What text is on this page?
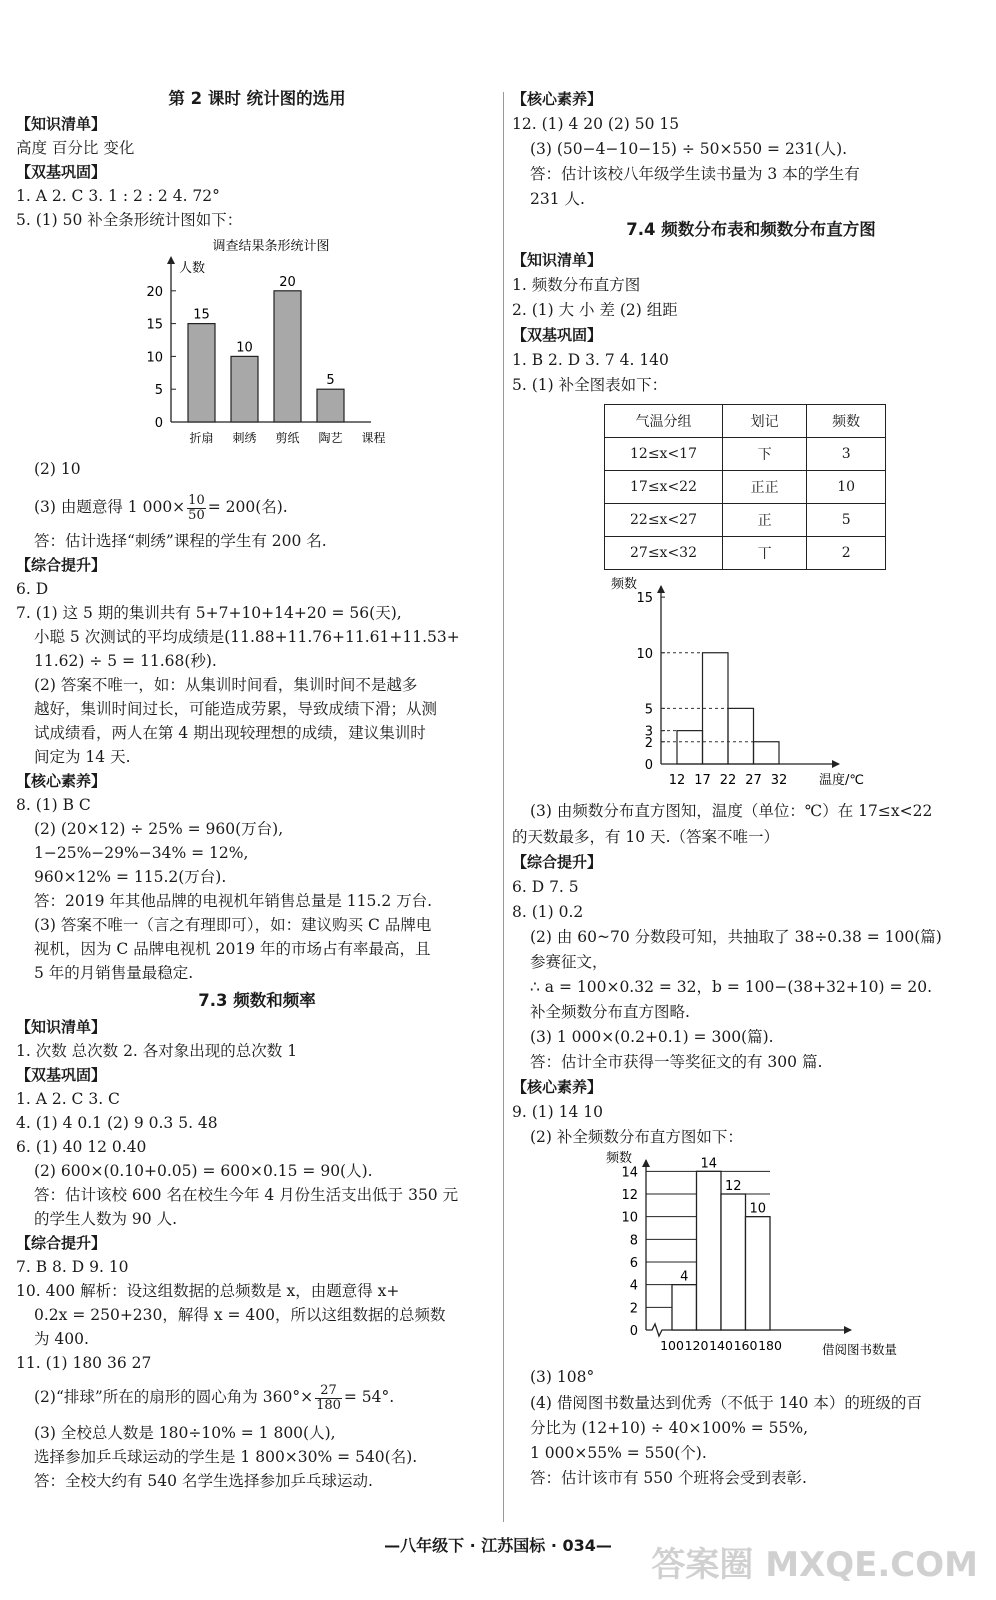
第 2 课时 统计图的选用
【知识清单】
高度 百分比 变化
【双基巩固】
1. A 2. C 3. 1 : 2 : 2 4. 72°
5. (1) 50 补全条形统计图如下：
调查结果条形统计图
人数
0
5
10
15
20
15
折扇
10
刺绣
20
剪纸
5
陶艺 课程
(2) 10
(3) 由题意得 1 $000\times \frac{10}{50} = 200$(名).
答：估计选择“刺绣”课程的学生有 200 名.
【综合提升】
6. D
7. (1) 这 5 期的集训共有 5+7+10+14+20 = 56(天),
小聪 5 次测试的平均成绩是(11.88+11.76+11.61+11.53+
11.62) ÷ 5 = 11.68(秒).
(2) 答案不唯一，如：从集训时间看，集训时间不是越多
越好，集训时间过长，可能造成劳累，导致成绩下滑；从测
试成绩看，两人在第 4 期出现较理想的成绩，建议集训时
间定为 14 天.
【核心素养】
8. (1) B C
(2) (20×12) ÷ 25% = 960(万台),
1−25%−29%−34% = 12%,
960×12% = 115.2(万台).
答：2019 年其他品牌的电视机年销售总量是 115.2 万台.
(3) 答案不唯一（言之有理即可），如：建议购买 C 品牌电
视机，因为 C 品牌电视机 2019 年的市场占有率最高，且
5 年的月销售量最稳定.
7.3 频数和频率
【知识清单】
1. 次数 总次数 2. 各对象出现的总次数 1
【双基巩固】
1. A 2. C 3. C
4. (1) 4 0.1 (2) 9 0.3 5. 48
6. (1) 40 12 0.40
(2) 600×(0.10+0.05) = 600×0.15 = 90(人).
答：估计该校 600 名在校生今年 4 月份生活支出低于 350 元
的学生人数为 90 人.
【综合提升】
7. B 8. D 9. 10
10. 400 解析：设这组数据的总频数是 x，由题意得 x+
0.2x = 250+230，解得 x = 400，所以这组数据的总频数
为 400.
11. (1) 180 36 27
(2)“排球”所在的扇形的圆心角为 $360^\circ\times \frac{27}{180} = 54^\circ$.
(3) 全校总人数是 180÷10% = 1 800(人),
选择参加乒乓球运动的学生是 1 800×30% = 540(名).
答：全校大约有 540 名学生选择参加乒乓球运动.
【核心素养】
12. (1) 4 20 (2) 50 15
(3) (50−4−10−15) ÷ 50×550 = 231(人).
答：估计该校八年级学生读书量为 3 本的学生有
231 人.
7.4 频数分布表和频数分布直方图
【知识清单】
1. 频数分布直方图
2. (1) 大 小 差 (2) 组距
【双基巩固】
1. B 2. D 3. 7 4. 140
5. (1) 补全图表如下：
气温分组	划记	频数
12≤x<17	下	3
17≤x<22	正正	10
22≤x<27	正	5
27≤x<32	丅	2
频数
0
2
3
5
10
15
12 17 22 27 32 温度/℃
(3) 由频数分布直方图知，温度（单位：℃）在 17≤x<22
的天数最多，有 10 天.（答案不唯一）
【综合提升】
6. D 7. 5
8. (1) 0.2
(2) 由 60~70 分数段可知，共抽取了 38÷0.38 = 100(篇)
参赛征文，
∴ a = 100×0.32 = 32，b = 100−(38+32+10) = 20.
补全频数分布直方图略.
(3) 1 000×(0.2+0.1) = 300(篇).
答：估计全市获得一等奖征文的有 300 篇.
【核心素养】
9. (1) 14 10
(2) 补全频数分布直方图如下：
频数
0
2
4
6
8
10
12
14
4
14
12
10
100 120 140 160 180	借阅图书数量
(3) 108°
(4) 借阅图书数量达到优秀（不低于 140 本）的班级的百
分比为 (12+10) ÷ 40×100% = 55%,
1 000×55% = 550(个).
答：估计该市有 550 个班将会受到表彰.
—八年级下 · 江苏国标 · 034—	答案圈 MXQE.COM
